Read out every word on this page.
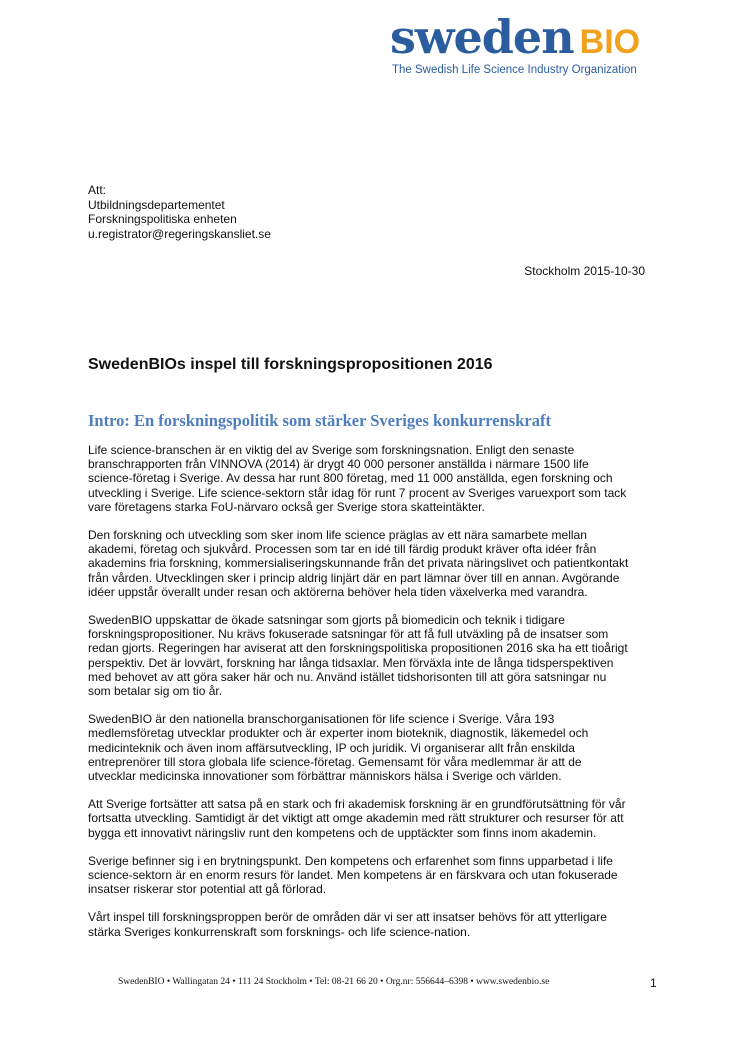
sweden BIO
The Swedish Life Science Industry Organization
Att:
Utbildningsdepartementet
Forskningspolitiska enheten
u.registrator@regeringskansliet.se
Stockholm 2015-10-30
SwedenBIOs inspel till forskningspropositionen 2016
Intro: En forskningspolitik som stärker Sveriges konkurrenskraft

Life science-branschen är en viktig del av Sverige som forskningsnation. Enligt den senaste
branschrapporten från VINNOVA (2014) är drygt 40 000 personer anställda i närmare 1500 life
science-företag i Sverige. Av dessa har runt 800 företag, med 11 000 anställda, egen forskning och
utveckling i Sverige. Life science-sektorn står idag för runt 7 procent av Sveriges varuexport som tack
vare företagens starka FoU-närvaro också ger Sverige stora skatteintäkter.

Den forskning och utveckling som sker inom life science präglas av ett nära samarbete mellan
akademi, företag och sjukvård. Processen som tar en idé till färdig produkt kräver ofta idéer från
akademins fria forskning, kommersialiseringskunnande från det privata näringslivet och patientkontakt
från vården. Utvecklingen sker i princip aldrig linjärt där en part lämnar över till en annan. Avgörande
idéer uppstår överallt under resan och aktörerna behöver hela tiden växelverka med varandra.

SwedenBIO uppskattar de ökade satsningar som gjorts på biomedicin och teknik i tidigare
forskningspropositioner. Nu krävs fokuserade satsningar för att få full utväxling på de insatser som
redan gjorts. Regeringen har aviserat att den forskningspolitiska propositionen 2016 ska ha ett tioårigt
perspektiv. Det är lovvärt, forskning har långa tidsaxlar. Men förväxla inte de långa tidsperspektiven
med behovet av att göra saker här och nu. Använd istället tidshorisonten till att göra satsningar nu
som betalar sig om tio år.

SwedenBIO är den nationella branschorganisationen för life science i Sverige. Våra 193
medlemsföretag utvecklar produkter och är experter inom bioteknik, diagnostik, läkemedel och
medicinteknik och även inom affärsutveckling, IP och juridik. Vi organiserar allt från enskilda
entreprenörer till stora globala life science-företag. Gemensamt för våra medlemmar är att de
utvecklar medicinska innovationer som förbättrar människors hälsa i Sverige och världen.

Att Sverige fortsätter att satsa på en stark och fri akademisk forskning är en grundförutsättning för vår
fortsatta utveckling. Samtidigt är det viktigt att omge akademin med rätt strukturer och resurser för att
bygga ett innovativt näringsliv runt den kompetens och de upptäckter som finns inom akademin.

Sverige befinner sig i en brytningspunkt. Den kompetens och erfarenhet som finns upparbetad i life
science-sektorn är en enorm resurs för landet. Men kompetens är en färskvara och utan fokuserade
insatser riskerar stor potential att gå förlorad.

Vårt inspel till forskningsproppen berör de områden där vi ser att insatser behövs för att ytterligare
stärka Sveriges konkurrenskraft som forsknings- och life science-nation.

SwedenBIO • Wallingatan 24 • 111 24 Stockholm • Tel: 08-21 66 20 • Org.nr: 556644–6398 • www.swedenbio.se	1
